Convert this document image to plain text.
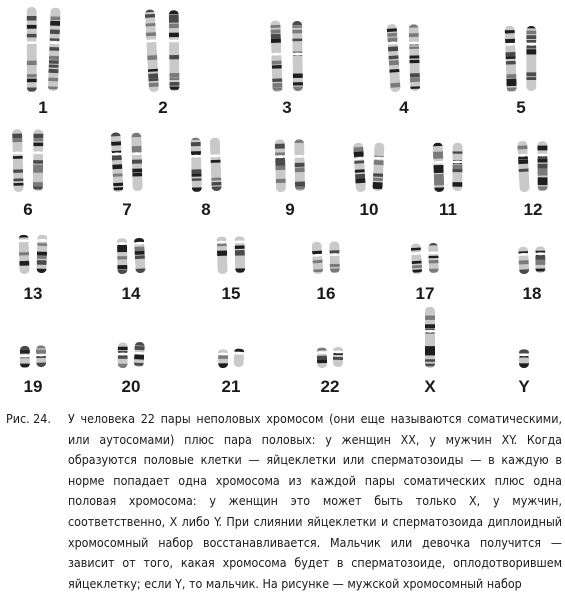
1	2	3	4	5
6	7	8	9	10	11	12
13	14	15	16	17	18
19	20	21	22	X	Y
Рис. 24.	У человека 22 пары неполовых хромосом (они еще называются соматическими, или аутосомами) плюс пара половых: у женщин XX, у мужчин XY. Когда образуются половые клетки — яйцеклетки или сперматозоиды — в каждую в норме попадает одна хромосома из каждой пары соматических плюс одна половая хромосома: у женщин это может быть только X, у мужчин, соответственно, X либо Y. При слиянии яйцеклетки и сперматозоида диплоидный хромосомный набор восстанавливается. Мальчик или девочка получится — зависит от того, какая хромосома будет в сперматозоиде, оплодотворившем яйцеклетку; если Y, то мальчик. На рисунке — мужской хромосомный набор
